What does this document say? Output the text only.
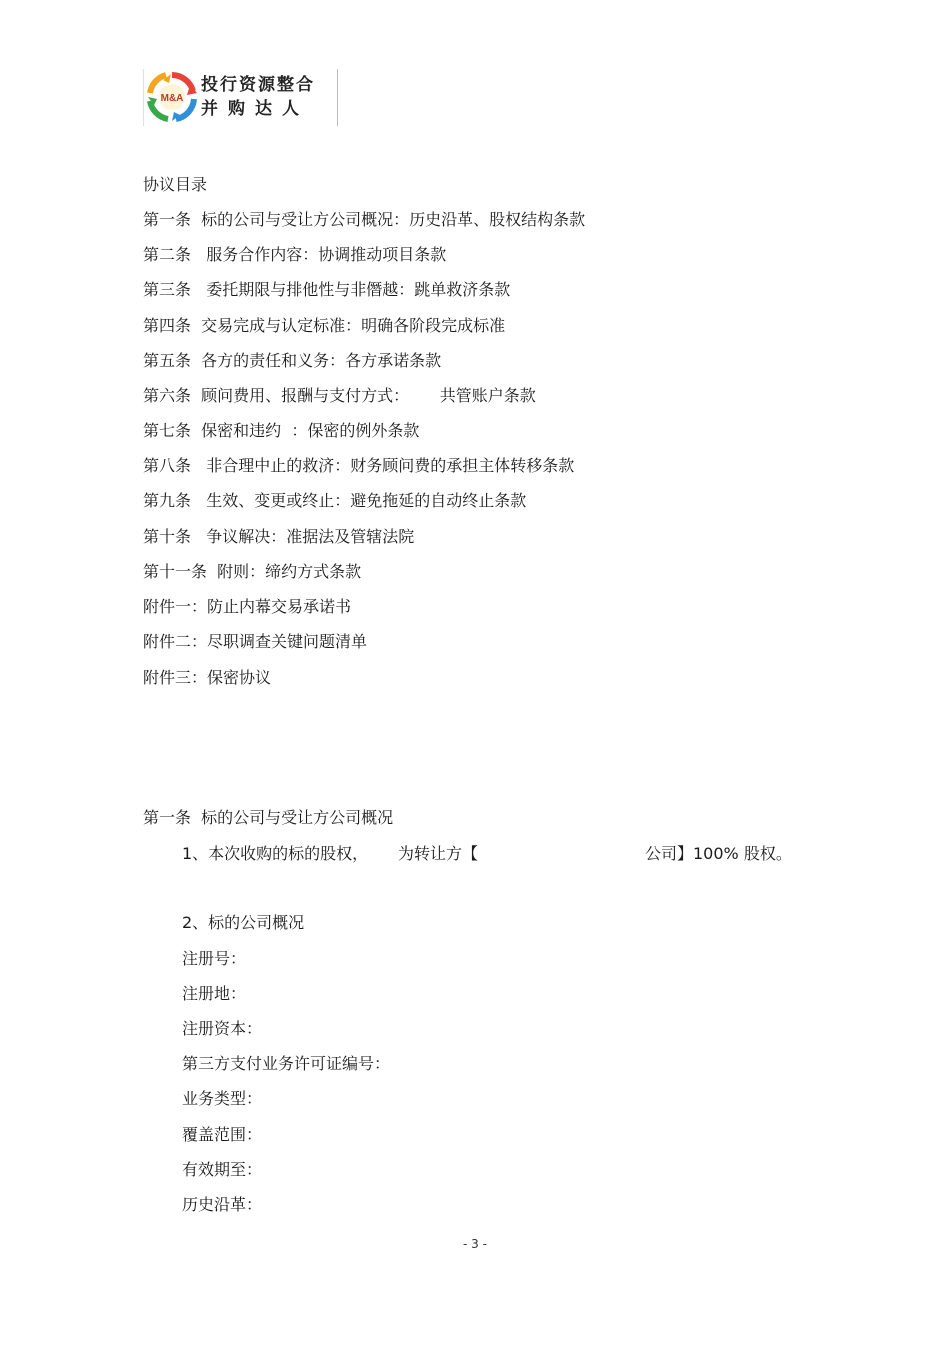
M&A
投行资源整合
并购达人
协议目录
第一条  标的公司与受让方公司概况：历史沿革、股权结构条款
第二条   服务合作内容：协调推动项目条款
第三条   委托期限与排他性与非僭越：跳单救济条款
第四条  交易完成与认定标准：明确各阶段完成标准
第五条  各方的责任和义务：各方承诺条款
第六条  顾问费用、报酬与支付方式：      共管账户条款
第七条  保密和违约  ：保密的例外条款
第八条   非合理中止的救济：财务顾问费的承担主体转移条款
第九条   生效、变更或终止：避免拖延的自动终止条款
第十条   争议解决：准据法及管辖法院
第十一条  附则：缔约方式条款
附件一：防止内幕交易承诺书
附件二：尽职调查关键问题清单
附件三：保密协议
第一条  标的公司与受让方公司概况
1、本次收购的标的股权， 为转让方【	公司】100% 股权。
2、标的公司概况
注册号：
注册地：
注册资本：
第三方支付业务许可证编号：
业务类型：
覆盖范围：
有效期至：
历史沿革：
- 3 -
